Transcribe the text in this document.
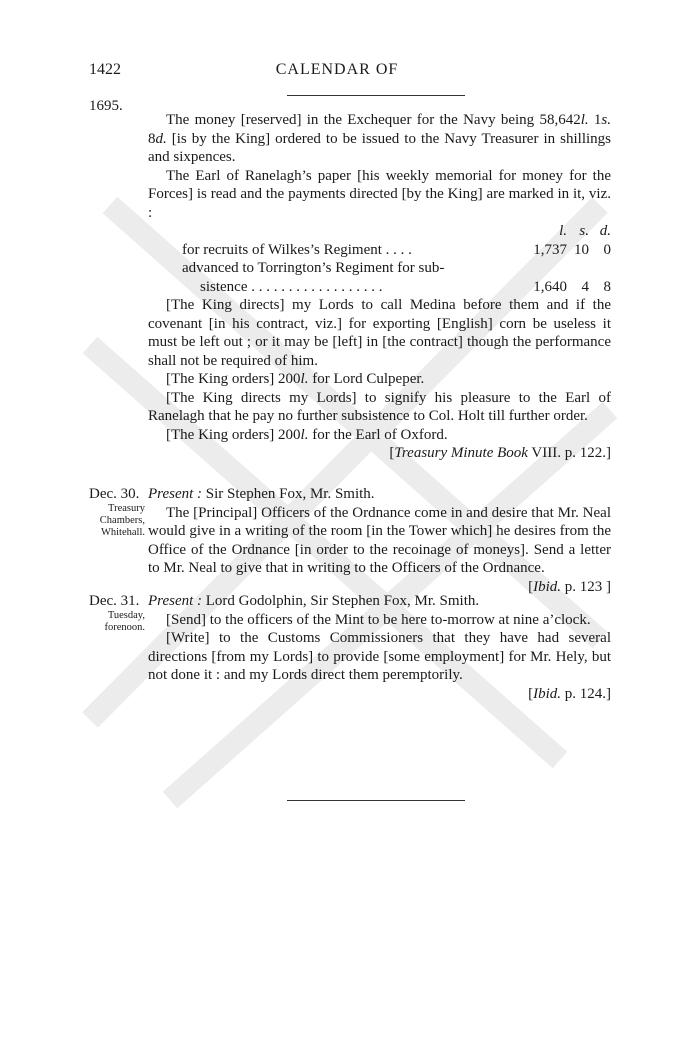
1422	CALENDAR OF
1695.

The money [reserved] in the Exchequer for the Navy being 58,642l. 1s. 8d. [is by the King] ordered to be issued to the Navy Treasurer in shillings and sixpences.

The Earl of Ranelagh’s paper [his weekly memorial for money for the Forces] is read and the payments directed [by the King] are marked in it, viz. :

	l.	s.	d.
for recruits of Wilkes’s Regiment . . . .	1,737	10	0
advanced to Torrington’s Regiment for sub-			
sistence . . . . . . . . . . . . . . . . . .	1,640	4	8

[The King directs] my Lords to call Medina before them and if the covenant [in his contract, viz.] for exporting [English] corn be useless it must be left out ; or it may be [left] in [the contract] though the performance shall not be required of him.

[The King orders] 200l. for Lord Culpeper.

[The King directs my Lords] to signify his pleasure to the Earl of Ranelagh that he pay no further subsistence to Col. Holt till further order.

[The King orders] 200l. for the Earl of Oxford.

[Treasury Minute Book VIII. p. 122.]

Dec. 30.
Treasury
Chambers,
Whitehall.

Present : Sir Stephen Fox, Mr. Smith.

The [Principal] Officers of the Ordnance come in and desire that Mr. Neal would give in a writing of the room [in the Tower which] he desires from the Office of the Ordnance [in order to the recoinage of moneys]. Send a letter to Mr. Neal to give that in writing to the Officers of the Ordnance.

[Ibid. p. 123 ]

Dec. 31.
Tuesday,
forenoon.

Present : Lord Godolphin, Sir Stephen Fox, Mr. Smith.

[Send] to the officers of the Mint to be here to-morrow at nine a’clock.

[Write] to the Customs Commissioners that they have had several directions [from my Lords] to provide [some employment] for Mr. Hely, but not done it : and my Lords direct them peremptorily.

[Ibid. p. 124.]
